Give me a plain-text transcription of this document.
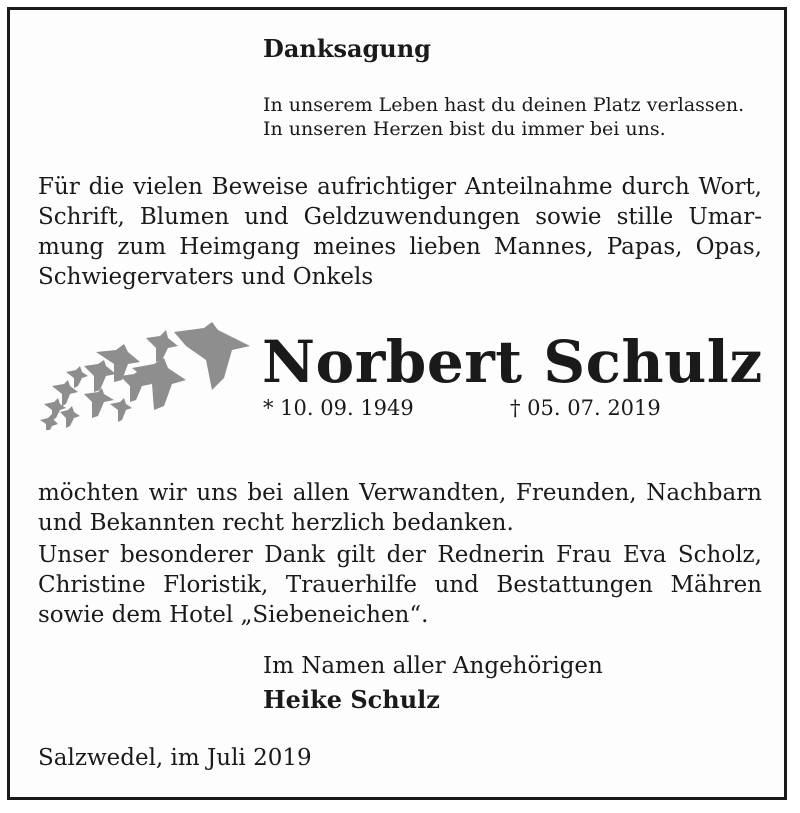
Danksagung
In unserem Leben hast du deinen Platz verlassen.
In unseren Herzen bist du immer bei uns.
Für die vielen Beweise aufrichtiger Anteilnahme durch Wort,
Schrift, Blumen und Geldzuwendungen sowie stille Umar-
mung zum Heimgang meines lieben Mannes, Papas, Opas,
Schwiegervaters und Onkels
Norbert Schulz
* 10. 09. 1949	† 05. 07. 2019
möchten wir uns bei allen Verwandten, Freunden, Nachbarn
und Bekannten recht herzlich bedanken.
Unser besonderer Dank gilt der Rednerin Frau Eva Scholz,
Christine Floristik, Trauerhilfe und Bestattungen Mähren
sowie dem Hotel „Siebeneichen“.
Im Namen aller Angehörigen
Heike Schulz
Salzwedel, im Juli 2019
